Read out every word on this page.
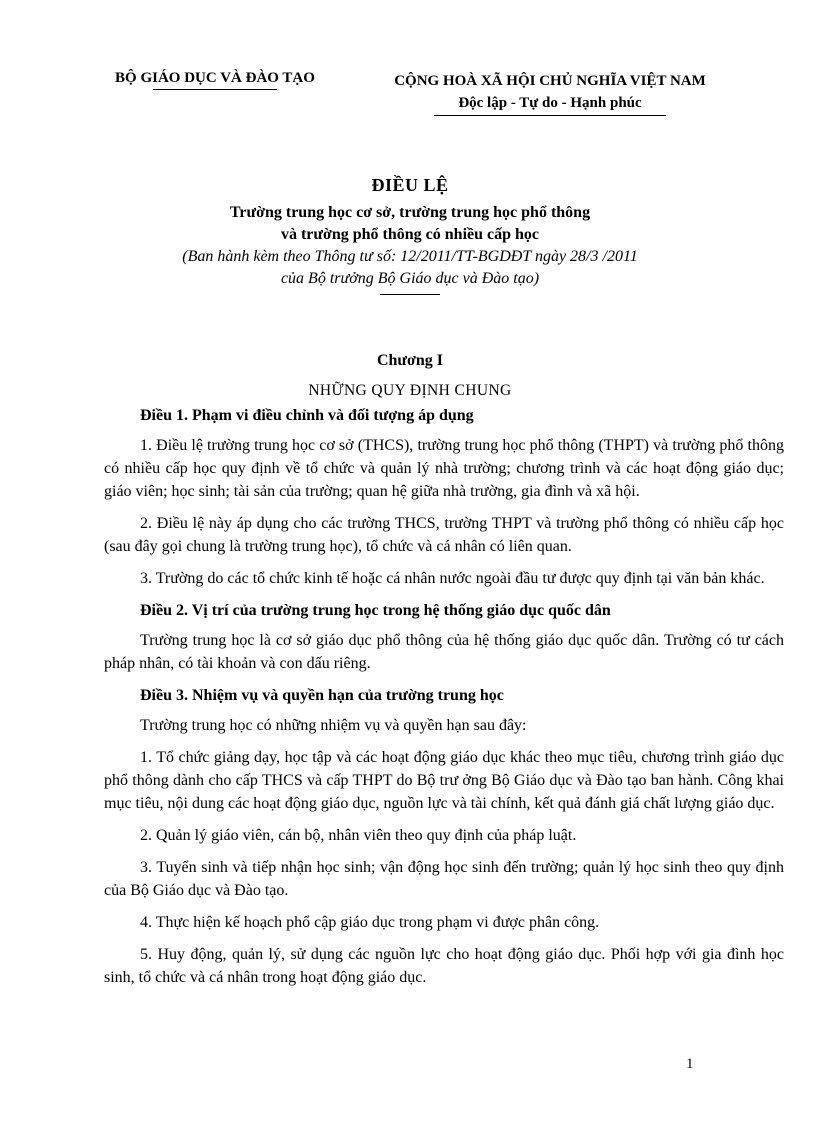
BỘ GIÁO DỤC VÀ ĐÀO TẠO	CỘNG HOÀ XÃ HỘI CHỦ NGHĨA VIỆT NAM
Độc lập - Tự do - Hạnh phúc
ĐIỀU LỆ
Trường trung học cơ sở, trường trung học phổ thông
và trường phổ thông có nhiều cấp học
(Ban hành kèm theo Thông tư số: 12/2011/TT-BGDĐT ngày 28/3 /2011
của Bộ trưởng Bộ Giáo dục và Đào tạo)
Chương I
NHỮNG QUY ĐỊNH CHUNG
Điều 1. Phạm vi điều chỉnh và đối tượng áp dụng

1. Điều lệ trường trung học cơ sở (THCS), trường trung học phổ thông (THPT) và trường phổ thông có nhiều cấp học quy định về tổ chức và quản lý nhà trường; chương trình và các hoạt động giáo dục; giáo viên; học sinh; tài sản của trường; quan hệ giữa nhà trường, gia đình và xã hội.

2. Điều lệ này áp dụng cho các trường THCS, trường THPT và trường phổ thông có nhiều cấp học (sau đây gọi chung là trường trung học), tổ chức và cá nhân có liên quan.

3. Trường do các tổ chức kinh tế hoặc cá nhân nước ngoài đầu tư được quy định tại văn bản khác.

Điều 2. Vị trí của trường trung học trong hệ thống giáo dục quốc dân

Trường trung học là cơ sở giáo dục phổ thông của hệ thống giáo dục quốc dân. Trường có tư cách pháp nhân, có tài khoản và con dấu riêng.

Điều 3. Nhiệm vụ và quyền hạn của trường trung học

Trường trung học có những nhiệm vụ và quyền hạn sau đây:

1. Tổ chức giảng dạy, học tập và các hoạt động giáo dục khác theo mục tiêu, chương trình giáo dục phổ thông dành cho cấp THCS và cấp THPT do Bộ trư ởng Bộ Giáo dục và Đào tạo ban hành. Công khai mục tiêu, nội dung các hoạt động giáo dục, nguồn lực và tài chính, kết quả đánh giá chất lượng giáo dục.

2. Quản lý giáo viên, cán bộ, nhân viên theo quy định của pháp luật.

3. Tuyển sinh và tiếp nhận học sinh; vận động học sinh đến trường; quản lý học sinh theo quy định của Bộ Giáo dục và Đào tạo.

4. Thực hiện kế hoạch phổ cập giáo dục trong phạm vi được phân công.

5. Huy động, quản lý, sử dụng các nguồn lực cho hoạt động giáo dục. Phối hợp với gia đình học sinh, tổ chức và cá nhân trong hoạt động giáo dục.

1
